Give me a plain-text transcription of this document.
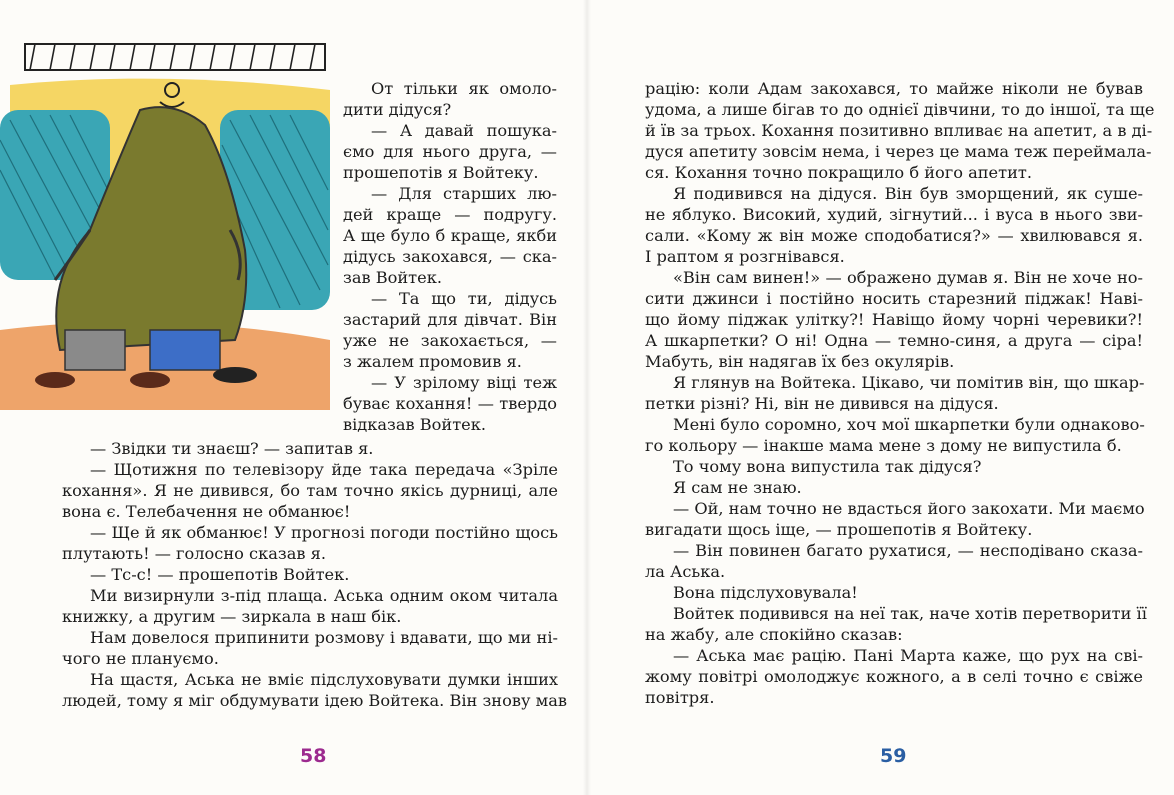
От тільки як омоло-
дити дідуся?
— А давай пошука-
ємо для нього друга, —
прошепотів я Войтеку.
— Для старших лю-
дей краще — подругу.
А ще було б краще, якби
дідусь закохався, — ска-
зав Войтек.
— Та що ти, дідусь
застарий для дівчат. Він
уже не закохається, —
з жалем промовив я.
— У зрілому віці теж
буває кохання! — твердо
відказав Войтек.
— Звідки ти знаєш? — запитав я.
— Щотижня по телевізору йде така передача «Зріле
кохання». Я не дивився, бо там точно якісь дурниці, але
вона є. Телебачення не обманює!
— Ще й як обманює! У прогнозі погоди постійно щось
плутають! — голосно сказав я.
— Тс-с! — прошепотів Войтек.
Ми визирнули з-під плаща. Аська одним оком читала
книжку, а другим — зиркала в наш бік.
Нам довелося припинити розмову і вдавати, що ми ні-
чого не плануємо.
На щастя, Аська не вміє підслуховувати думки інших
людей, тому я міг обдумувати ідею Войтека. Він знову мав
58
рацію: коли Адам закохався, то майже ніколи не бував
удома, а лише бігав то до однієї дівчини, то до іншої, та ще
й їв за трьох. Кохання позитивно впливає на апетит, а в ді-
дуся апетиту зовсім нема, і через це мама теж переймала-
ся. Кохання точно покращило б його апетит.
Я подивився на дідуся. Він був зморщений, як суше-
не яблуко. Високий, худий, зігнутий... і вуса в нього зви-
сали. «Кому ж він може сподобатися?» — хвилювався я.
І раптом я розгнівався.
«Він сам винен!» — ображено думав я. Він не хоче но-
сити джинси і постійно носить старезний піджак! Наві-
що йому піджак улітку?! Навіщо йому чорні черевики?!
А шкарпетки? О ні! Одна — темно-синя, а друга — сіра!
Мабуть, він надягав їх без окулярів.
Я глянув на Войтека. Цікаво, чи помітив він, що шкар-
петки різні? Ні, він не дивився на дідуся.
Мені було соромно, хоч мої шкарпетки були однаково-
го кольору — інакше мама мене з дому не випустила б.
То чому вона випустила так дідуся?
Я сам не знаю.
— Ой, нам точно не вдасться його закохати. Ми маємо
вигадати щось іще, — прошепотів я Войтеку.
— Він повинен багато рухатися, — несподівано сказа-
ла Аська.
Вона підслуховувала!
Войтек подивився на неї так, наче хотів перетворити її
на жабу, але спокійно сказав:
— Аська має рацію. Пані Марта каже, що рух на сві-
жому повітрі омолоджує кожного, а в селі точно є свіже
повітря.
59
